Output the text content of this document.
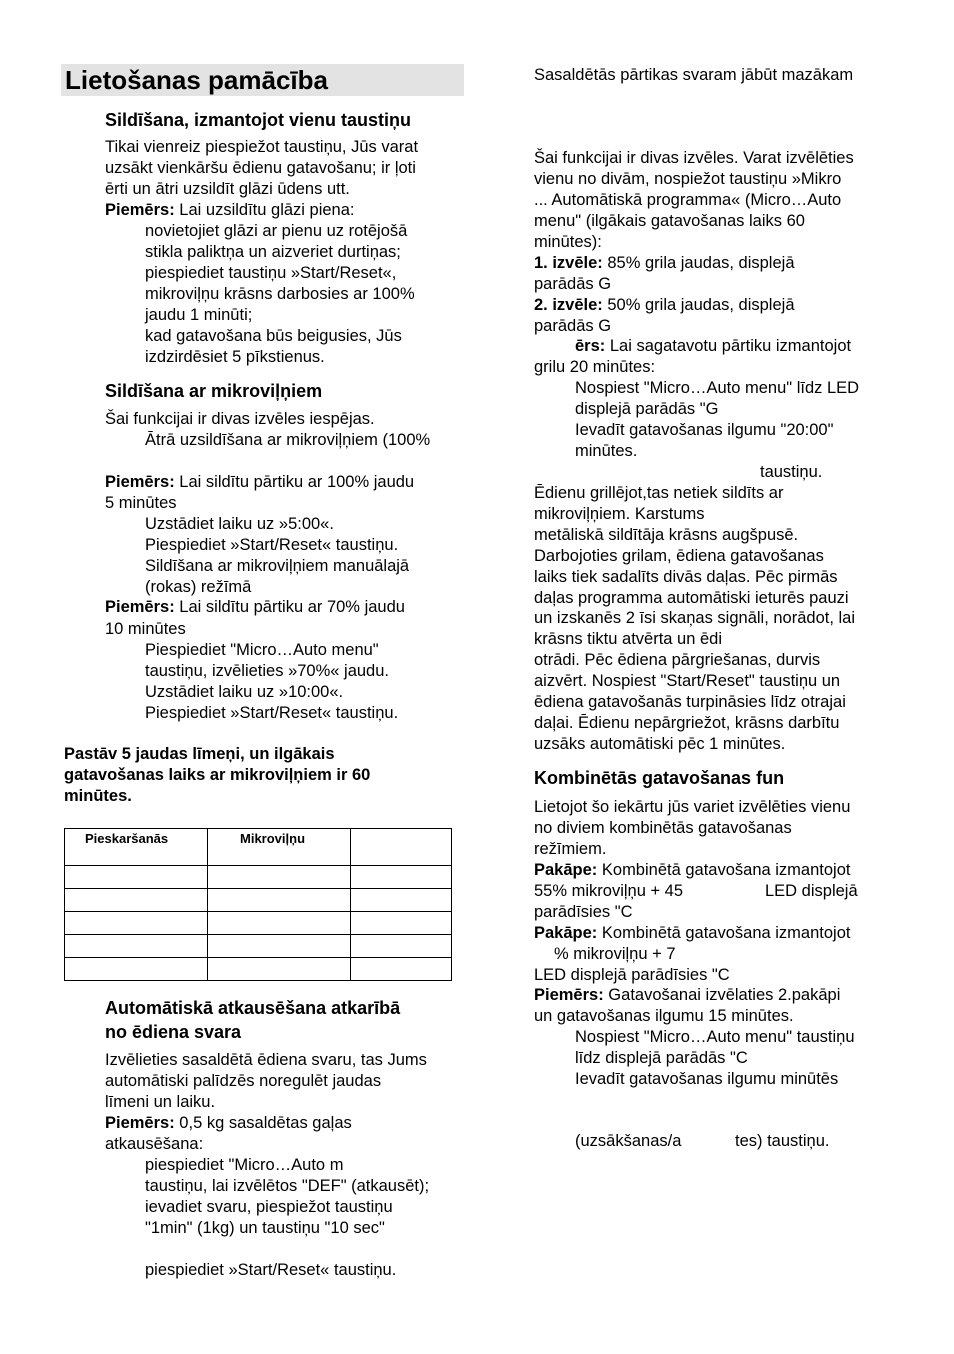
Lietošanas pamācība
Sildīšana, izmantojot vienu taustiņu
Tikai vienreiz piespiežot taustiņu, Jūs varat
uzsākt vienkāršu ēdienu gatavošanu; ir ļoti
ērti un ātri uzsildīt glāzi ūdens utt.
Piemērs: Lai uzsildītu glāzi piena:
novietojiet glāzi ar pienu uz rotējošā
stikla paliktņa un aizveriet durtiņas;
piespiediet taustiņu »Start/Reset«,
mikroviļņu krāsns darbosies ar 100%
jaudu 1 minūti;
kad gatavošana būs beigusies, Jūs
izdzirdēsiet 5 pīkstienus.
Sildīšana ar mikroviļņiem
Šai funkcijai ir divas izvēles iespējas.
Ātrā uzsildīšana ar mikroviļņiem (100%
Piemērs: Lai sildītu pārtiku ar 100% jaudu
5 minūtes
Uzstādiet laiku uz »5:00«.
Piespiediet »Start/Reset« taustiņu.
Sildīšana ar mikroviļņiem manuālajā
(rokas) režīmā
Piemērs: Lai sildītu pārtiku ar 70% jaudu
10 minūtes
Piespiediet "Micro…Auto menu"
taustiņu, izvēlieties »70%« jaudu.
Uzstādiet laiku uz »10:00«.
Piespiediet »Start/Reset« taustiņu.
Pastāv 5 jaudas līmeņi, un ilgākais
gatavošanas laiks ar mikroviļņiem ir 60
minūtes.
Pieskaršanās	Mikroviļņu	

Automātiskā atkausēšana atkarībā
no ēdiena svara
Izvēlieties sasaldētā ēdiena svaru, tas Jums
automātiski palīdzēs noregulēt jaudas
līmeni un laiku.
Piemērs: 0,5 kg sasaldētas gaļas
atkausēšana:
piespiediet "Micro…Auto m
taustiņu, lai izvēlētos "DEF" (atkausēt);
ievadiet svaru, piespiežot taustiņu
"1min" (1kg) un taustiņu "10 sec"
piespiediet »Start/Reset« taustiņu.
Sasaldētās pārtikas svaram jābūt mazākam
Šai funkcijai ir divas izvēles. Varat izvēlēties
vienu no divām, nospiežot taustiņu »Mikro
... Automātiskā programma« (Micro…Auto
menu" (ilgākais gatavošanas laiks 60
minūtes):
1. izvēle: 85% grila jaudas, displejā
parādās G
2. izvēle: 50% grila jaudas, displejā
parādās G
ērs: Lai sagatavotu pārtiku izmantojot
grilu 20 minūtes:
Nospiest "Micro…Auto menu" līdz LED
displejā parādās "G
Ievadīt gatavošanas ilgumu "20:00"
minūtes.
taustiņu.
Ēdienu grillējot,tas netiek sildīts ar
mikroviļņiem. Karstums
metāliskā sildītāja krāsns augšpusē.
Darbojoties grilam, ēdiena gatavošanas
laiks tiek sadalīts divās daļas. Pēc pirmās
daļas programma automātiski ieturēs pauzi
un izskanēs 2 īsi skaņas signāli, norādot, lai
krāsns tiktu atvērta un ēdi
otrādi. Pēc ēdiena pārgriešanas, durvis
aizvērt. Nospiest "Start/Reset" taustiņu un
ēdiena gatavošanās turpināsies līdz otrajai
daļai. Ēdienu nepārgriežot, krāsns darbītu
uzsāks automātiski pēc 1 minūtes.
Kombinētās gatavošanas fun
Lietojot šo iekārtu jūs variet izvēlēties vienu
no diviem kombinētās gatavošanas
režīmiem.
Pakāpe: Kombinētā gatavošana izmantojot
55% mikroviļņu + 45	LED displejā
parādīsies "C
Pakāpe: Kombinētā gatavošana izmantojot
% mikroviļņu + 7
LED displejā parādīsies "C
Piemērs: Gatavošanai izvēlaties 2.pakāpi
un gatavošanas ilgumu 15 minūtes.
Nospiest "Micro…Auto menu" taustiņu
līdz displejā parādās "C
Ievadīt gatavošanas ilgumu minūtēs
(uzsākšanas/a	tes) taustiņu.
